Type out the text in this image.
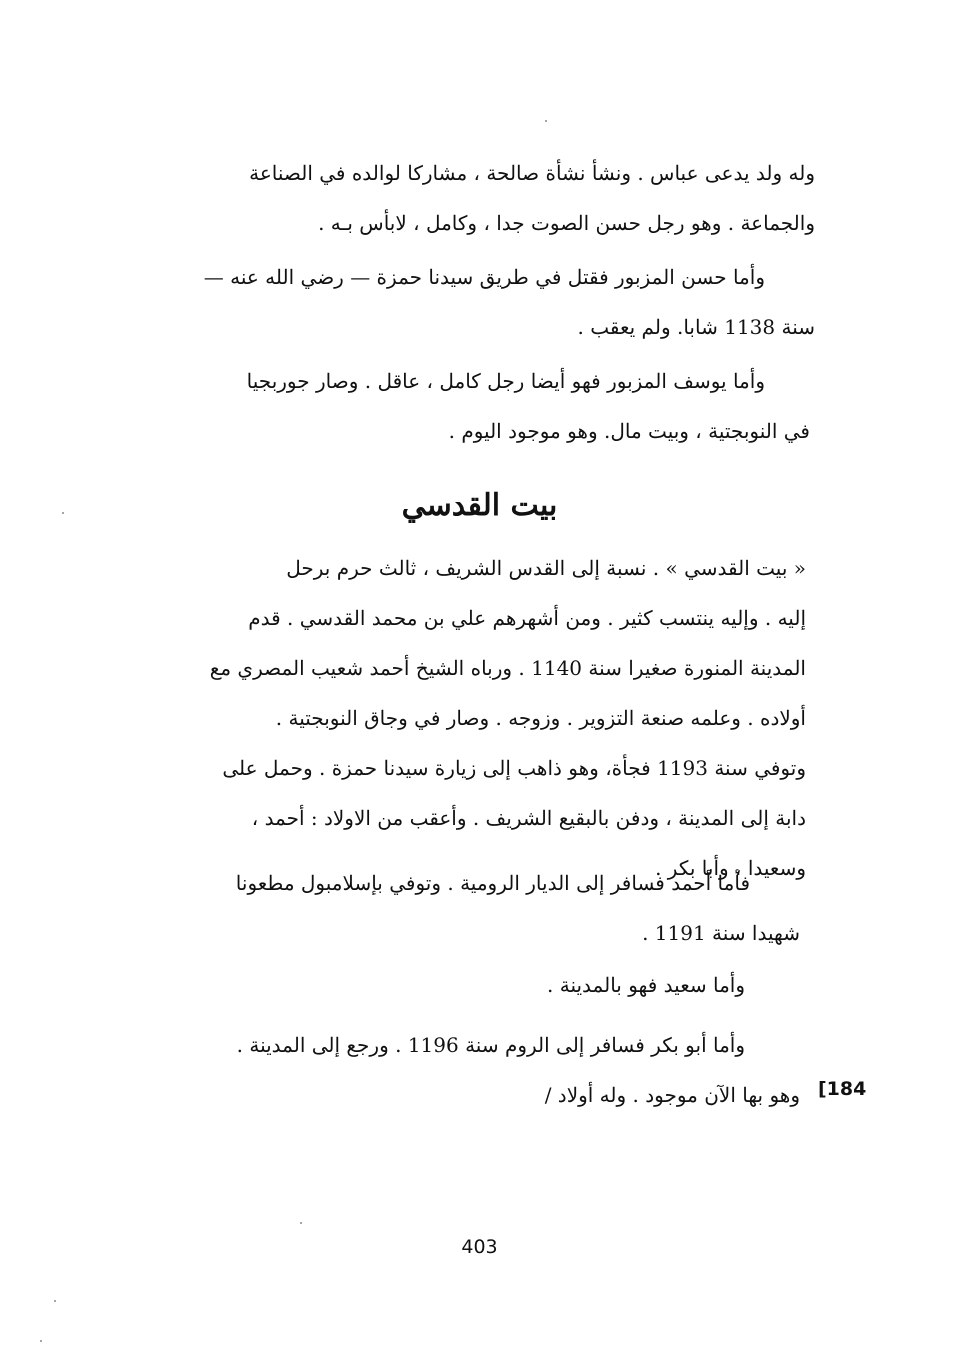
وله ولد يدعى عباس . ونشأ نشأة صالحة ، مشاركا لوالده في الصناعة
والجماعة . وهو رجل حسن الصوت جدا ، وكامل ، لابأس بـه .

وأما حسن المزبور فقتل في طريق سيدنا حمزة — رضي الله عنه —
سنة 1138 شابا. ولم يعقب .

وأما يوسف المزبور فهو أيضا رجل كامل ، عاقل . وصار جوربجيا
في النوبجتية ، وبيت مال. وهو موجود اليوم .

بيت القدسي

« بيت القدسي » . نسبة إلى القدس الشريف ، ثالث حرم برحل
إليه . وإليه ينتسب كثير . ومن أشهرهم علي بن محمد القدسي . قدم
المدينة المنورة صغيرا سنة 1140 . ورباه الشيخ أحمد شعيب المصري مع
أولاده . وعلمه صنعة التزوير . وزوجه . وصار في وجاق النوبجتية .
وتوفي سنة 1193 فجأة، وهو ذاهب إلى زيارة سيدنا حمزة . وحمل على
دابة إلى المدينة ، ودفن بالبقيع الشريف . وأعقب من الاولاد : أحمد ،
وسعيدا ، وأبا بكر .

فأما أحمد فسافر إلى الديار الرومية . وتوفي بإسلامبول مطعونا
شهيدا سنة 1191 .

وأما سعيد فهو بالمدينة .

وأما أبو بكر فسافر إلى الروم سنة 1196 . ورجع إلى المدينة .
وهو بها الآن موجود . وله أولاد / [184
403
